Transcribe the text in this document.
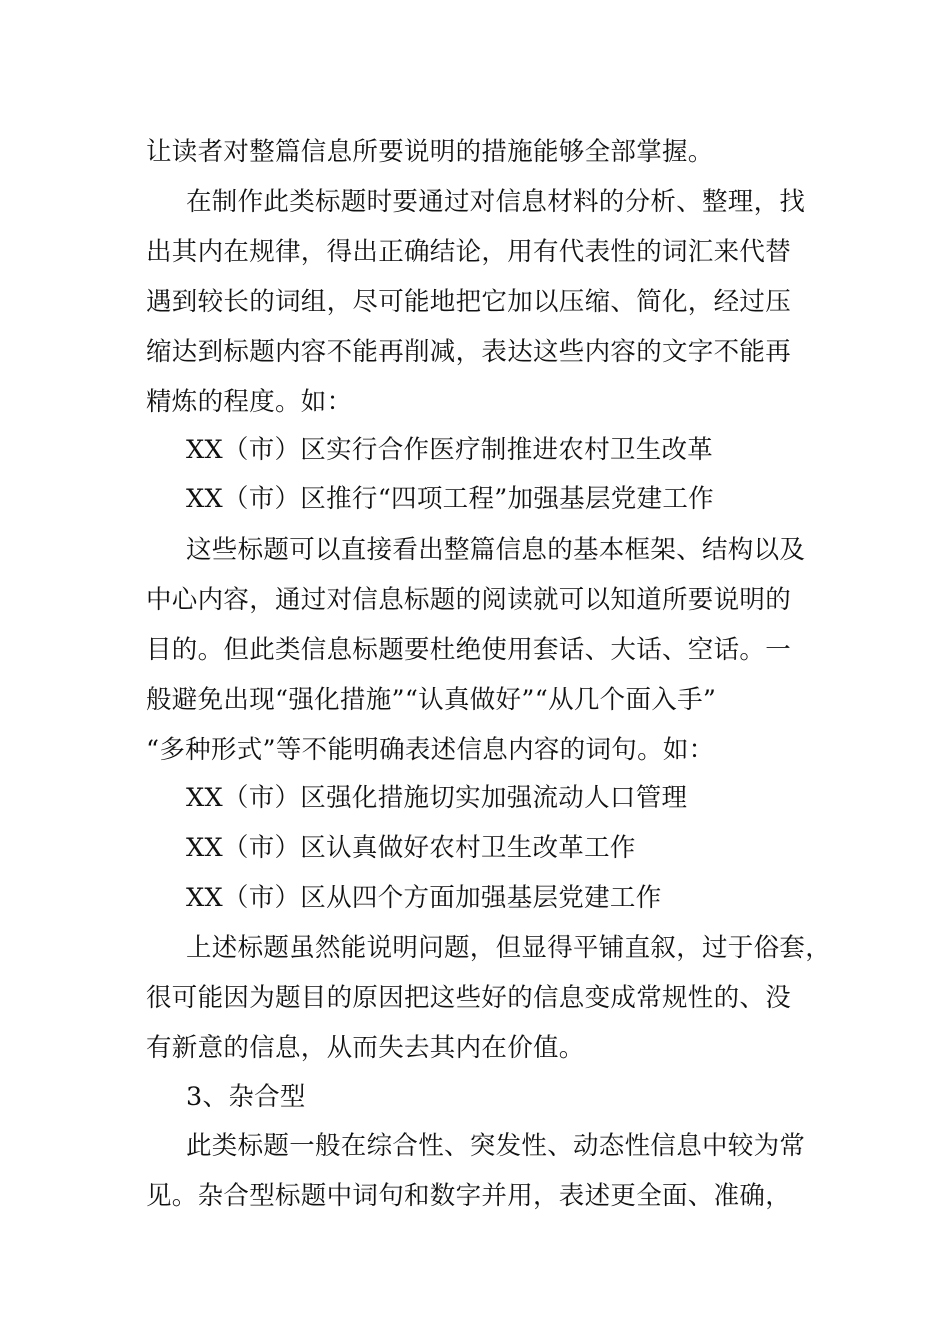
让读者对整篇信息所要说明的措施能够全部掌握。
在制作此类标题时要通过对信息材料的分析、整理，找
出其内在规律，得出正确结论，用有代表性的词汇来代替
遇到较长的词组，尽可能地把它加以压缩、简化，经过压
缩达到标题内容不能再削减，表达这些内容的文字不能再
精炼的程度。如：
XX（市）区实行合作医疗制推进农村卫生改革
XX（市）区推行“四项工程”加强基层党建工作
这些标题可以直接看出整篇信息的基本框架、结构以及
中心内容，通过对信息标题的阅读就可以知道所要说明的
目的。但此类信息标题要杜绝使用套话、大话、空话。一
般避免出现“强化措施”“认真做好”“从几个面入手”
“多种形式”等不能明确表述信息内容的词句。如：
XX（市）区强化措施切实加强流动人口管理
XX（市）区认真做好农村卫生改革工作
XX（市）区从四个方面加强基层党建工作
上述标题虽然能说明问题，但显得平铺直叙，过于俗套，
很可能因为题目的原因把这些好的信息变成常规性的、没
有新意的信息，从而失去其内在价值。
3、杂合型
此类标题一般在综合性、突发性、动态性信息中较为常
见。杂合型标题中词句和数字并用，表述更全面、准确，
